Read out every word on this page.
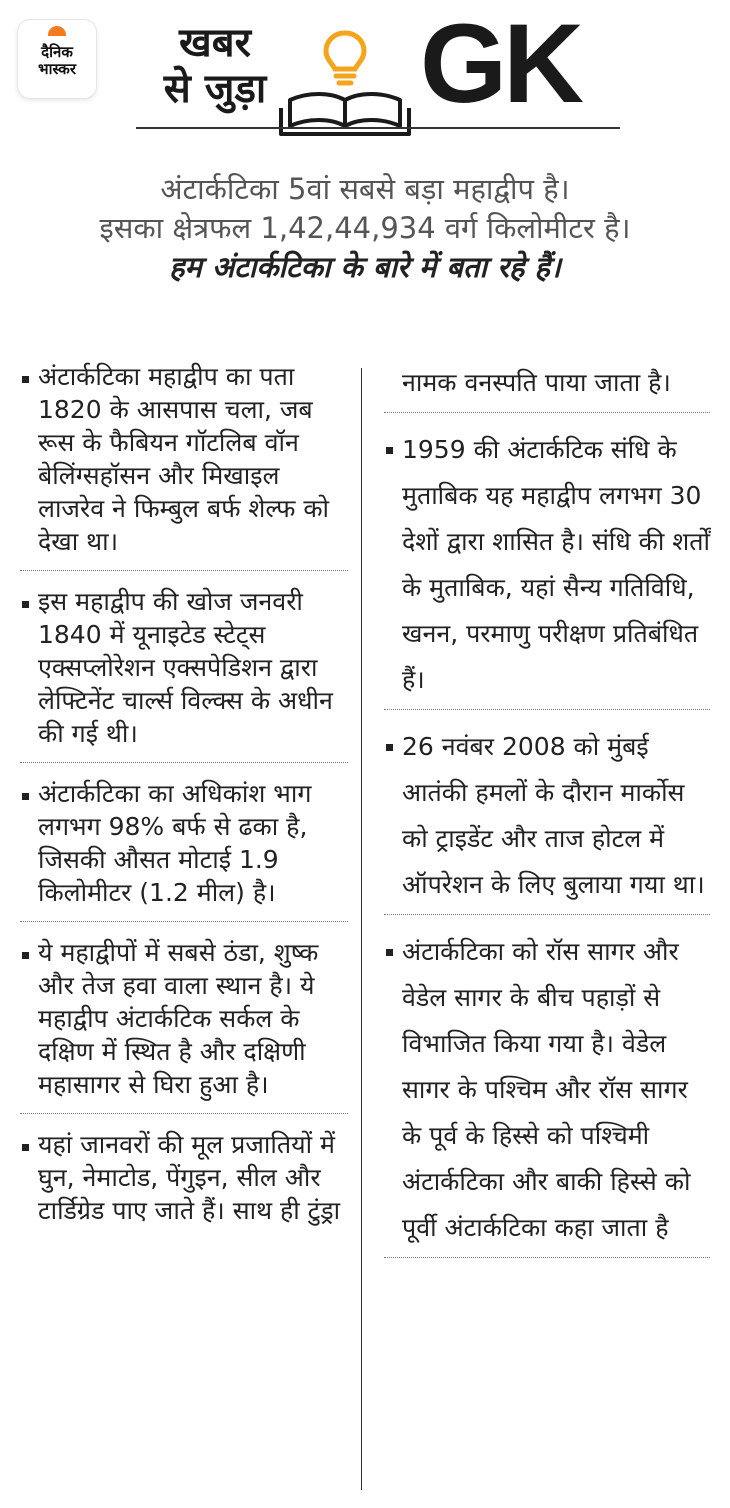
दैनिक
भास्कर
खबर
से जुड़ा GK
अंटार्कटिका 5वां सबसे बड़ा महाद्वीप है।
इसका क्षेत्रफल 1,42,44,934 वर्ग किलोमीटर है।
हम अंटार्कटिका के बारे में बता रहे हैं।
अंटार्कटिका महाद्वीप का पता 1820 के आसपास चला, जब रूस के फैबियन गॉटलिब वॉन बेलिंग्सहॉसन और मिखाइल लाजरेव ने फिम्बुल बर्फ शेल्फ को देखा था।
इस महाद्वीप की खोज जनवरी 1840 में यूनाइटेड स्टेट्स एक्सप्लोरेशन एक्सपेडिशन द्वारा लेफ्टिनेंट चार्ल्स विल्क्स के अधीन की गई थी।
अंटार्कटिका का अधिकांश भाग लगभग 98% बर्फ से ढका है, जिसकी औसत मोटाई 1.9 किलोमीटर (1.2 मील) है।
ये महाद्वीपों में सबसे ठंडा, शुष्क और तेज हवा वाला स्थान है। ये महाद्वीप अंटार्कटिक सर्कल के दक्षिण में स्थित है और दक्षिणी महासागर से घिरा हुआ है।
यहां जानवरों की मूल प्रजातियों में घुन, नेमाटोड, पेंगुइन, सील और टार्डिग्रेड पाए जाते हैं। साथ ही टुंड्रा
नामक वनस्पति पाया जाता है।
1959 की अंटार्कटिक संधि के मुताबिक यह महाद्वीप लगभग 30 देशों द्वारा शासित है। संधि की शर्तों के मुताबिक, यहां सैन्य गतिविधि, खनन, परमाणु परीक्षण प्रतिबंधित हैं।
26 नवंबर 2008 को मुंबई आतंकी हमलों के दौरान मार्कोस को ट्राइडेंट और ताज होटल में ऑपरेशन के लिए बुलाया गया था।
अंटार्कटिका को रॉस सागर और वेडेल सागर के बीच पहाड़ों से विभाजित किया गया है। वेडेल सागर के पश्चिम और रॉस सागर के पूर्व के हिस्से को पश्चिमी अंटार्कटिका और बाकी हिस्से को पूर्वी अंटार्कटिका कहा जाता है
